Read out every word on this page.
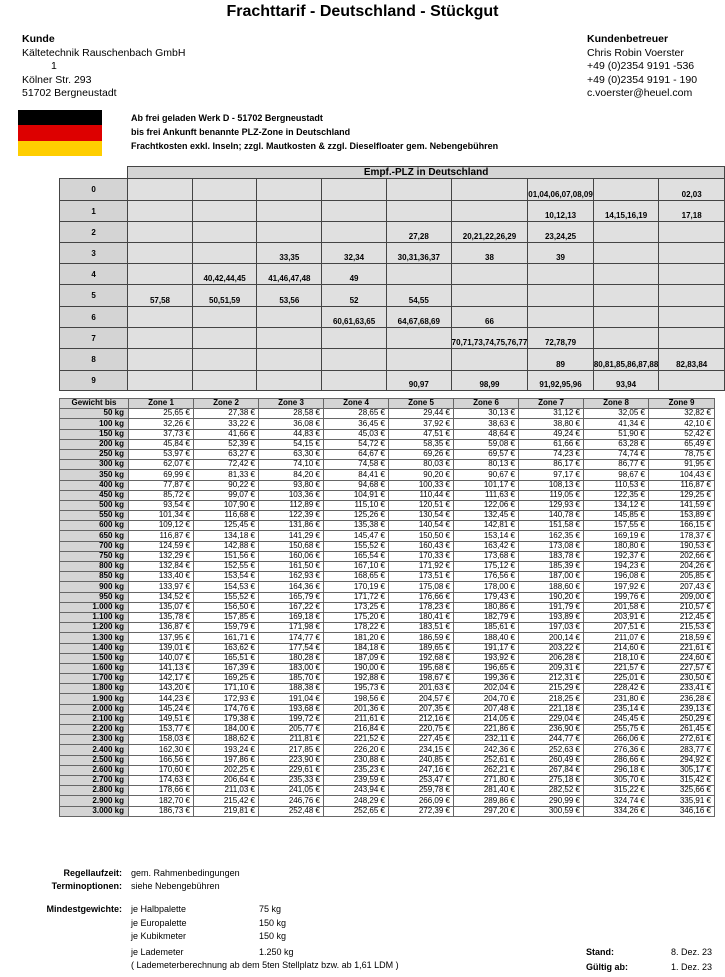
Frachttarif - Deutschland - Stückgut
Kunde
Kältetechnik Rauschenbach GmbH
1
Kölner Str. 293
51702 Bergneustadt
Kundenbetreuer
Chris Robin Voerster
+49 (0)2354 9191 -536
+49 (0)2354 9191 - 190
c.voerster@heuel.com
Ab frei geladen Werk D - 51702 Bergneustadt
bis frei Ankunft benannte PLZ-Zone in Deutschland
Frachtkosten exkl. Inseln; zzgl. Mautkosten & zzgl. Dieselfloater gem. Nebengebühren
	Empf.-PLZ in Deutschland								
0							01,04,06,07,08,09		02,03
1							10,12,13	14,15,16,19	17,18
2					27,28	20,21,22,26,29	23,24,25		
3			33,35	32,34	30,31,36,37	38	39		
4		40,42,44,45	41,46,47,48	49					
5	57,58	50,51,59	53,56	52	54,55				
6				60,61,63,65	64,67,68,69	66			
7						70,71,73,74,75,76,77	72,78,79		
8							89	80,81,85,86,87,88	82,83,84
9					90,97	98,99	91,92,95,96	93,94	
Gewicht bis	Zone 1	Zone 2	Zone 3	Zone 4	Zone 5	Zone 6	Zone 7	Zone 8	Zone 9
50 kg	25,65 €	27,38 €	28,58 €	28,65 €	29,44 €	30,13 €	31,12 €	32,05 €	32,82 €
100 kg	32,26 €	33,22 €	36,08 €	36,45 €	37,92 €	38,63 €	38,80 €	41,34 €	42,10 €
150 kg	37,73 €	41,66 €	44,83 €	45,03 €	47,51 €	48,64 €	49,24 €	51,90 €	52,42 €
200 kg	45,84 €	52,39 €	54,15 €	54,72 €	58,35 €	59,08 €	61,66 €	63,28 €	65,49 €
250 kg	53,97 €	63,27 €	63,30 €	64,67 €	69,26 €	69,57 €	74,23 €	74,74 €	78,75 €
300 kg	62,07 €	72,42 €	74,10 €	74,58 €	80,03 €	80,13 €	86,17 €	86,77 €	91,95 €
350 kg	69,99 €	81,33 €	84,20 €	84,41 €	90,20 €	90,67 €	97,17 €	98,67 €	104,43 €
400 kg	77,87 €	90,22 €	93,80 €	94,68 €	100,33 €	101,17 €	108,13 €	110,53 €	116,87 €
450 kg	85,72 €	99,07 €	103,36 €	104,91 €	110,44 €	111,63 €	119,05 €	122,35 €	129,25 €
500 kg	93,54 €	107,90 €	112,89 €	115,10 €	120,51 €	122,06 €	129,93 €	134,12 €	141,59 €
550 kg	101,34 €	116,68 €	122,39 €	125,26 €	130,54 €	132,45 €	140,78 €	145,85 €	153,89 €
600 kg	109,12 €	125,45 €	131,86 €	135,38 €	140,54 €	142,81 €	151,58 €	157,55 €	166,15 €
650 kg	116,87 €	134,18 €	141,29 €	145,47 €	150,50 €	153,14 €	162,35 €	169,19 €	178,37 €
700 kg	124,59 €	142,88 €	150,68 €	155,52 €	160,43 €	163,42 €	173,08 €	180,80 €	190,53 €
750 kg	132,29 €	151,56 €	160,06 €	165,54 €	170,33 €	173,68 €	183,78 €	192,37 €	202,66 €
800 kg	132,84 €	152,55 €	161,50 €	167,10 €	171,92 €	175,12 €	185,39 €	194,23 €	204,26 €
850 kg	133,40 €	153,54 €	162,93 €	168,65 €	173,51 €	176,56 €	187,00 €	196,08 €	205,85 €
900 kg	133,97 €	154,53 €	164,36 €	170,19 €	175,08 €	178,00 €	188,60 €	197,92 €	207,43 €
950 kg	134,52 €	155,52 €	165,79 €	171,72 €	176,66 €	179,43 €	190,20 €	199,76 €	209,00 €
1.000 kg	135,07 €	156,50 €	167,22 €	173,25 €	178,23 €	180,86 €	191,79 €	201,58 €	210,57 €
1.100 kg	135,78 €	157,85 €	169,18 €	175,20 €	180,41 €	182,79 €	193,89 €	203,91 €	212,45 €
1.200 kg	136,87 €	159,79 €	171,98 €	178,22 €	183,51 €	185,61 €	197,03 €	207,51 €	215,53 €
1.300 kg	137,95 €	161,71 €	174,77 €	181,20 €	186,59 €	188,40 €	200,14 €	211,07 €	218,59 €
1.400 kg	139,01 €	163,62 €	177,54 €	184,18 €	189,65 €	191,17 €	203,22 €	214,60 €	221,61 €
1.500 kg	140,07 €	165,51 €	180,28 €	187,09 €	192,68 €	193,92 €	206,28 €	218,10 €	224,60 €
1.600 kg	141,13 €	167,39 €	183,00 €	190,00 €	195,68 €	196,65 €	209,31 €	221,57 €	227,57 €
1.700 kg	142,17 €	169,25 €	185,70 €	192,88 €	198,67 €	199,36 €	212,31 €	225,01 €	230,50 €
1.800 kg	143,20 €	171,10 €	188,38 €	195,73 €	201,63 €	202,04 €	215,29 €	228,42 €	233,41 €
1.900 kg	144,23 €	172,93 €	191,04 €	198,56 €	204,57 €	204,70 €	218,25 €	231,80 €	236,28 €
2.000 kg	145,24 €	174,76 €	193,68 €	201,36 €	207,35 €	207,48 €	221,18 €	235,14 €	239,13 €
2.100 kg	149,51 €	179,38 €	199,72 €	211,61 €	212,16 €	214,05 €	229,04 €	245,45 €	250,29 €
2.200 kg	153,77 €	184,00 €	205,77 €	216,84 €	220,75 €	221,86 €	236,90 €	255,75 €	261,45 €
2.300 kg	158,03 €	188,62 €	211,81 €	221,52 €	227,45 €	232,11 €	244,77 €	266,06 €	272,61 €
2.400 kg	162,30 €	193,24 €	217,85 €	226,20 €	234,15 €	242,36 €	252,63 €	276,36 €	283,77 €
2.500 kg	166,56 €	197,86 €	223,90 €	230,88 €	240,85 €	252,61 €	260,49 €	286,66 €	294,92 €
2.600 kg	170,60 €	202,25 €	229,61 €	235,23 €	247,16 €	262,21 €	267,84 €	296,18 €	305,17 €
2.700 kg	174,63 €	206,64 €	235,33 €	239,59 €	253,47 €	271,80 €	275,18 €	305,70 €	315,42 €
2.800 kg	178,66 €	211,03 €	241,05 €	243,94 €	259,78 €	281,40 €	282,52 €	315,22 €	325,66 €
2.900 kg	182,70 €	215,42 €	246,76 €	248,29 €	266,09 €	289,86 €	290,99 €	324,74 €	335,91 €
3.000 kg	186,73 €	219,81 €	252,48 €	252,65 €	272,39 €	297,20 €	300,59 €	334,26 €	346,16 €
Regellaufzeit: gem. Rahmenbedingungen
Terminoptionen: siehe Nebengebühren
Mindestgewichte: je Halbpalette	75 kg
je Europalette	150 kg
je Kubikmeter	150 kg
je Lademeter	1.250 kg
( Lademeterberechnung ab dem 5ten Stellplatz bzw. ab 1,61 LDM )
Stand:
Gültig ab:
8. Dez. 23
1. Dez. 23
